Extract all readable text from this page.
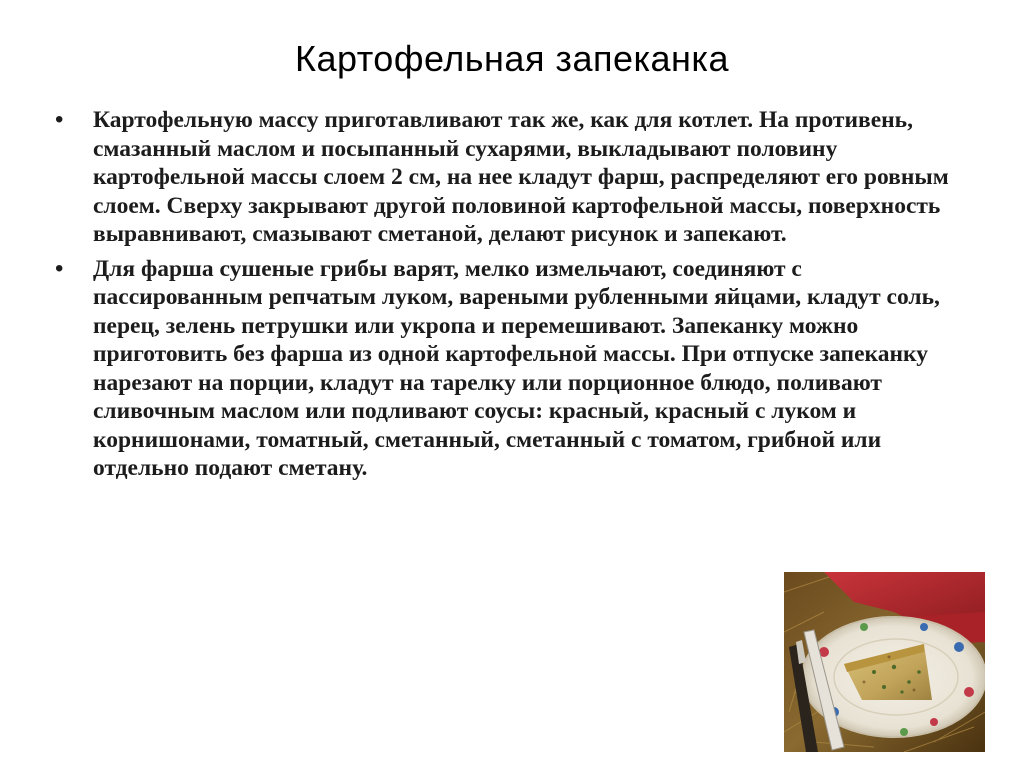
Картофельная запеканка
• Картофельную массу приготавливают так же, как для котлет. На противень, смазанный маслом и посыпанный сухарями, выкладывают половину картофельной массы слоем 2 см, на нее кладут фарш, распределяют его ровным слоем. Сверху закрывают другой половиной картофельной массы, поверхность выравнивают, смазывают сметаной, делают рисунок и запекают.
• Для фарша сушеные грибы варят, мелко измельчают, соединяют с пассированным репчатым луком, вареными рубленными яйцами, кладут соль, перец, зелень петрушки или укропа и перемешивают. Запеканку можно приготовить без фарша из одной картофельной массы. При отпуске запеканку нарезают на порции, кладут на тарелку или порционное блюдо, поливают сливочным маслом или подливают соусы: красный, красный с луком и корнишонами, томатный, сметанный, сметанный с томатом, грибной или отдельно подают сметану.
